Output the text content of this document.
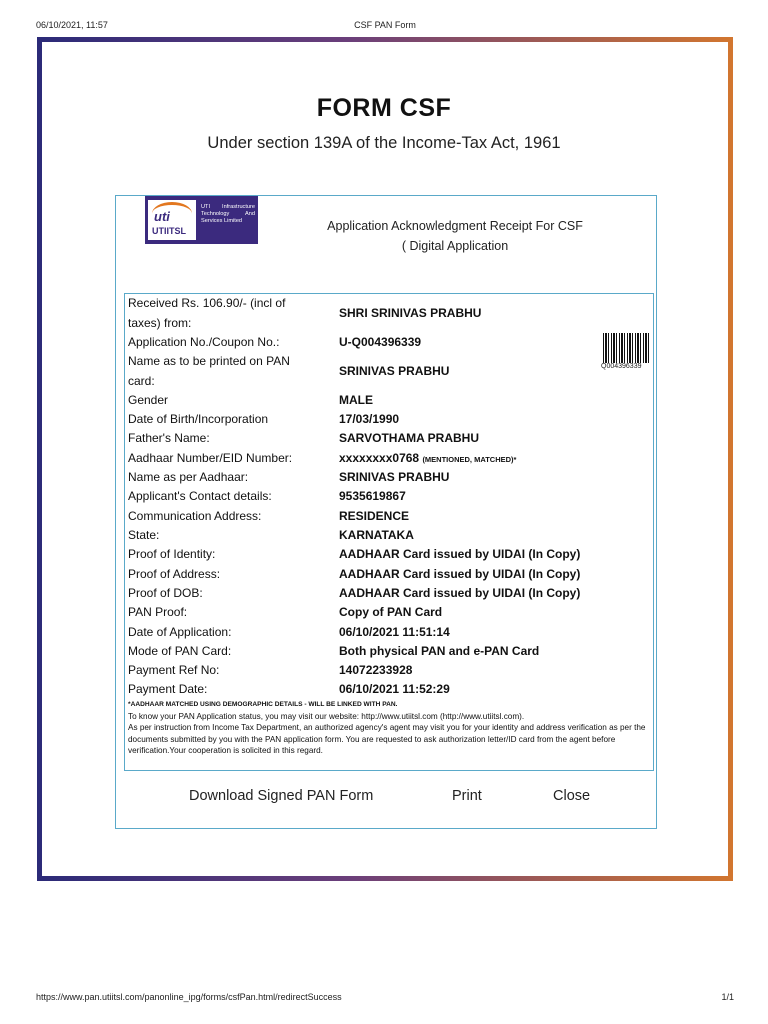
06/10/2021, 11:57	CSF PAN Form
FORM CSF
Under section 139A of the Income-Tax Act, 1961
uti
UTIITSL
UTI Infrastructure Technology And Services Limited	Application Acknowledgment Receipt For CSF
( Digital Application
Q004396339
Received Rs. 106.90/- (incl of
taxes) from:
SHRI SRINIVAS PRABHU
Application No./Coupon No.:	U-Q004396339
Name as to be printed on PAN
card:
SRINIVAS PRABHU
Gender	MALE
Date of Birth/Incorporation	17/03/1990
Father's Name:	SARVOTHAMA PRABHU
Aadhaar Number/EID Number:	xxxxxxxx0768 (MENTIONED, MATCHED)*
Name as per Aadhaar:	SRINIVAS PRABHU
Applicant's Contact details:	9535619867
Communication Address:	RESIDENCE
State:	KARNATAKA
Proof of Identity:	AADHAAR Card issued by UIDAI (In Copy)
Proof of Address:	AADHAAR Card issued by UIDAI (In Copy)
Proof of DOB:	AADHAAR Card issued by UIDAI (In Copy)
PAN Proof:	Copy of PAN Card
Date of Application:	06/10/2021 11:51:14
Mode of PAN Card:	Both physical PAN and e-PAN Card
Payment Ref No:	14072233928
Payment Date:	06/10/2021 11:52:29
*AADHAAR MATCHED USING DEMOGRAPHIC DETAILS - WILL BE LINKED WITH PAN.
To know your PAN Application status, you may visit our website: http://www.utiitsl.com (http://www.utiitsl.com).
As per instruction from Income Tax Department, an authorized agency's agent may visit you for your identity and address verification as per the documents submitted by you with the PAN application form. You are requested to ask authorization letter/ID card from the agent before verification.Your cooperation is solicited in this regard.
Download Signed PAN Form	Print	Close
https://www.pan.utiitsl.com/panonline_ipg/forms/csfPan.html/redirectSuccess	1/1
